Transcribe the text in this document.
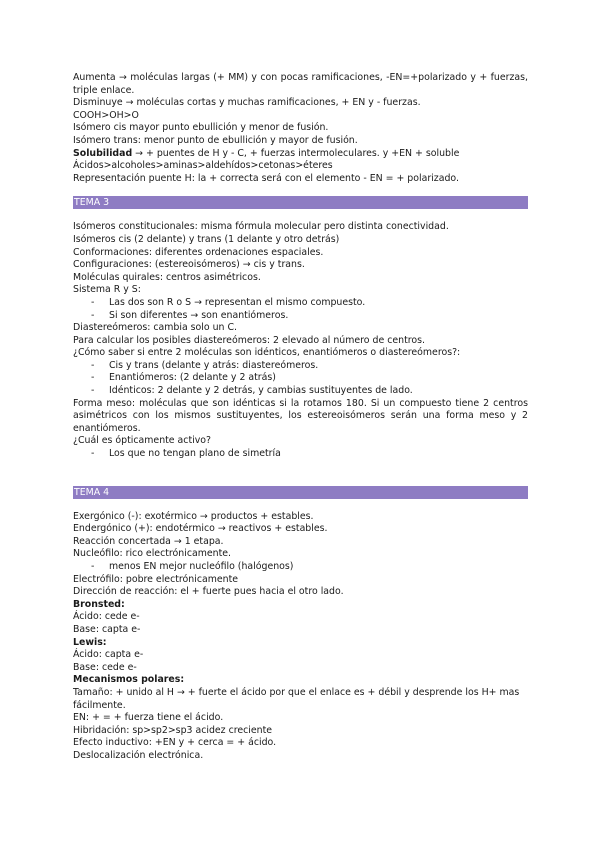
Aumenta → moléculas largas (+ MM) y con pocas ramificaciones, -EN=+polarizado y + fuerzas, triple enlace.

Disminuye → moléculas cortas y muchas ramificaciones, + EN y - fuerzas.

COOH>OH>O

Isómero cis mayor punto ebullición y menor de fusión.

Isómero trans: menor punto de ebullición y mayor de fusión.

Solubilidad → + puentes de H y - C, + fuerzas intermoleculares. y +EN + soluble

Ácidos>alcoholes>aminas>aldehídos>cetonas>éteres

Representación puente H: la + correcta será con el elemento - EN = + polarizado.

TEMA 3

Isómeros constitucionales: misma fórmula molecular pero distinta conectividad.

Isómeros cis (2 delante) y trans (1 delante y otro detrás)

Conformaciones: diferentes ordenaciones espaciales.

Configuraciones: (estereoisómeros) → cis y trans.

Moléculas quirales: centros asimétricos.

Sistema R y S:

- Las dos son R o S → representan el mismo compuesto.

- Si son diferentes → son enantiómeros.

Diastereómeros: cambia solo un C.

Para calcular los posibles diastereómeros: 2 elevado al número de centros.

¿Cómo saber si entre 2 moléculas son idénticos, enantiómeros o diastereómeros?:

- Cis y trans (delante y atrás: diastereómeros.

- Enantiómeros: (2 delante y 2 atrás)

- Idénticos: 2 delante y 2 detrás, y cambias sustituyentes de lado.

Forma meso: moléculas que son idénticas si la rotamos 180. Si un compuesto tiene 2 centros asimétricos con los mismos sustituyentes, los estereoisómeros serán una forma meso y 2 enantiómeros.

¿Cuál es ópticamente activo?

- Los que no tengan plano de simetría

TEMA 4

Exergónico (-): exotérmico → productos + estables.

Endergónico (+): endotérmico → reactivos + estables.

Reacción concertada → 1 etapa.

Nucleófilo: rico electrónicamente.

- menos EN mejor nucleófilo (halógenos)

Electrófilo: pobre electrónicamente

Dirección de reacción: el + fuerte pues hacia el otro lado.

Bronsted:

Ácido: cede e-

Base: capta e-

Lewis:

Ácido: capta e-

Base: cede e-

Mecanismos polares:

Tamaño: + unido al H → + fuerte el ácido por que el enlace es + débil y desprende los H+ mas fácilmente.

EN: + = + fuerza tiene el ácido.

Hibridación: sp>sp2>sp3 acidez creciente

Efecto inductivo: +EN y + cerca = + ácido.

Deslocalización electrónica.
